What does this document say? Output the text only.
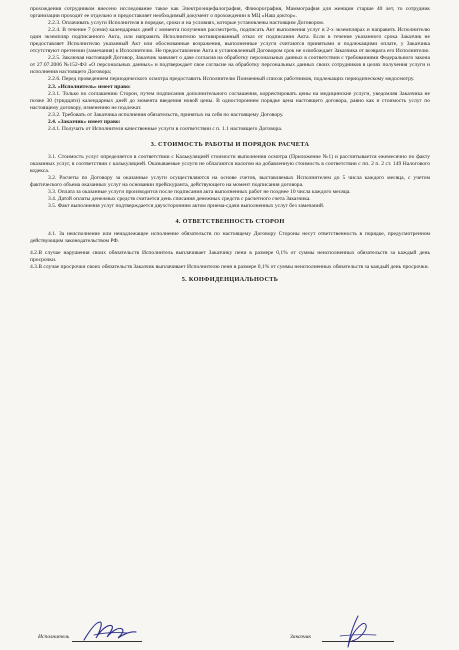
прохождения сотрудником внесено исследование такое как Электроэнцефалография, Флюорография, Маммография для женщин старше 40 лет, то сотрудник организации проходит ее отдельно и предоставляет необходимый документ о прохождении в МЦ «Наш доктор».

2.2.3. Оплачивать услуги Исполнителя в порядке, сроки и на условиях, которые установлены настоящим Договором.

2.2.4. В течение 7 (семи) календарных дней с момента получения рассмотреть, подписать Акт выполнения услуг в 2-х экземплярах и направить Исполнителю один экземпляр подписанного Акта, или направить Исполнителю мотивированный отказ от подписания Акта. Если в течение указанного срока Заказчик не предоставляет Исполнителю указанный Акт или обоснованные возражения, выполненные услуги считаются принятыми и подлежащими оплате, у Заказчика отсутствуют претензии (замечания) к Исполнителю. Не предоставление Акта в установленный Договором срок не освобождает Заказчика от возврата его Исполнителю.

2.2.5. Заключая настоящий Договор, Заказчик заявляет о даче согласия на обработку персональных данных в соответствии с требованиями Федерального закона от 27.07.2006 №152-ФЗ «О персональных данных» и подтверждает свое согласие на обработку персональных данных своих сотрудников в целях получения услуги и исполнения настоящего Договора;

2.2.6. Перед проведением периодического осмотра предоставить Исполнителю Поименный список работников, подлежащих периодическому медосмотру.

2.3. «Исполнитель» имеет право:

2.3.1. Только по соглашению Сторон, путем подписания дополнительного соглашения, корректировать цены на медицинские услуги, уведомляя Заказчика не позже 30 (тридцати) календарных дней до момента введения новой цены. В одностороннем порядке цена настоящего договора, равно как и стоимость услуг по настоящему договору, изменению не подлежат.

2.3.2. Требовать от Заказчика исполнения обязательств, принятых на себя по настоящему Договору.

2.4. «Заказчик» имеет право:

2.4.1. Получать от Исполнителя качественные услуги в соответствии с п. 1.1 настоящего Договора.

3. СТОИМОСТЬ РАБОТЫ И ПОРЯДОК РАСЧЕТА

3.1. Стоимость услуг определяется в соответствии с Калькуляцией стоимости выполнения осмотра (Приложение №1) и рассчитывается ежемесячно по факту оказанных услуг, в соответствии с калькуляцией. Оказываемые услуги не облагаются налогом на добавленную стоимость в соответствии с пп. 2 п. 2 ст. 149 Налогового кодекса.

3.2. Расчеты по Договору за оказанные услуги осуществляются на основе счетов, выставляемых Исполнителем до 5 числа каждого месяца, с учетом фактического объема оказанных услуг на основании прейскуранта, действующего на момент подписания договора.

3.3. Оплата за оказанные услуги производится после подписания акта выполненных работ не позднее 10 числа каждого месяца.

3.4. Датой оплаты денежных средств считается день списания денежных средств с расчетного счета Заказчика.

3.5. Факт выполнения услуг подтверждается двухсторонним актом приема-сдачи выполненных услуг без замечаний.

4. ОТВЕТСТВЕННОСТЬ СТОРОН

4.1. За неисполнение или ненадлежащее исполнение обязательств по настоящему Договору Стороны несут ответственность в порядке, предусмотренном действующим законодательством РФ.

4.2.В случае нарушения своих обязательств Исполнитель выплачивает Заказчику пени в размере 0,1% от суммы неисполненных обязательств за каждый день просрочки.

4.3.В случае просрочки своих обязательств Заказчик выплачивает Исполнителю пени в размере 0,1% от суммы неисполненных обязательств за каждый день просрочки.

5. КОНФИДЕНЦИАЛЬНОСТЬ
Исполнитель	Заказчик
